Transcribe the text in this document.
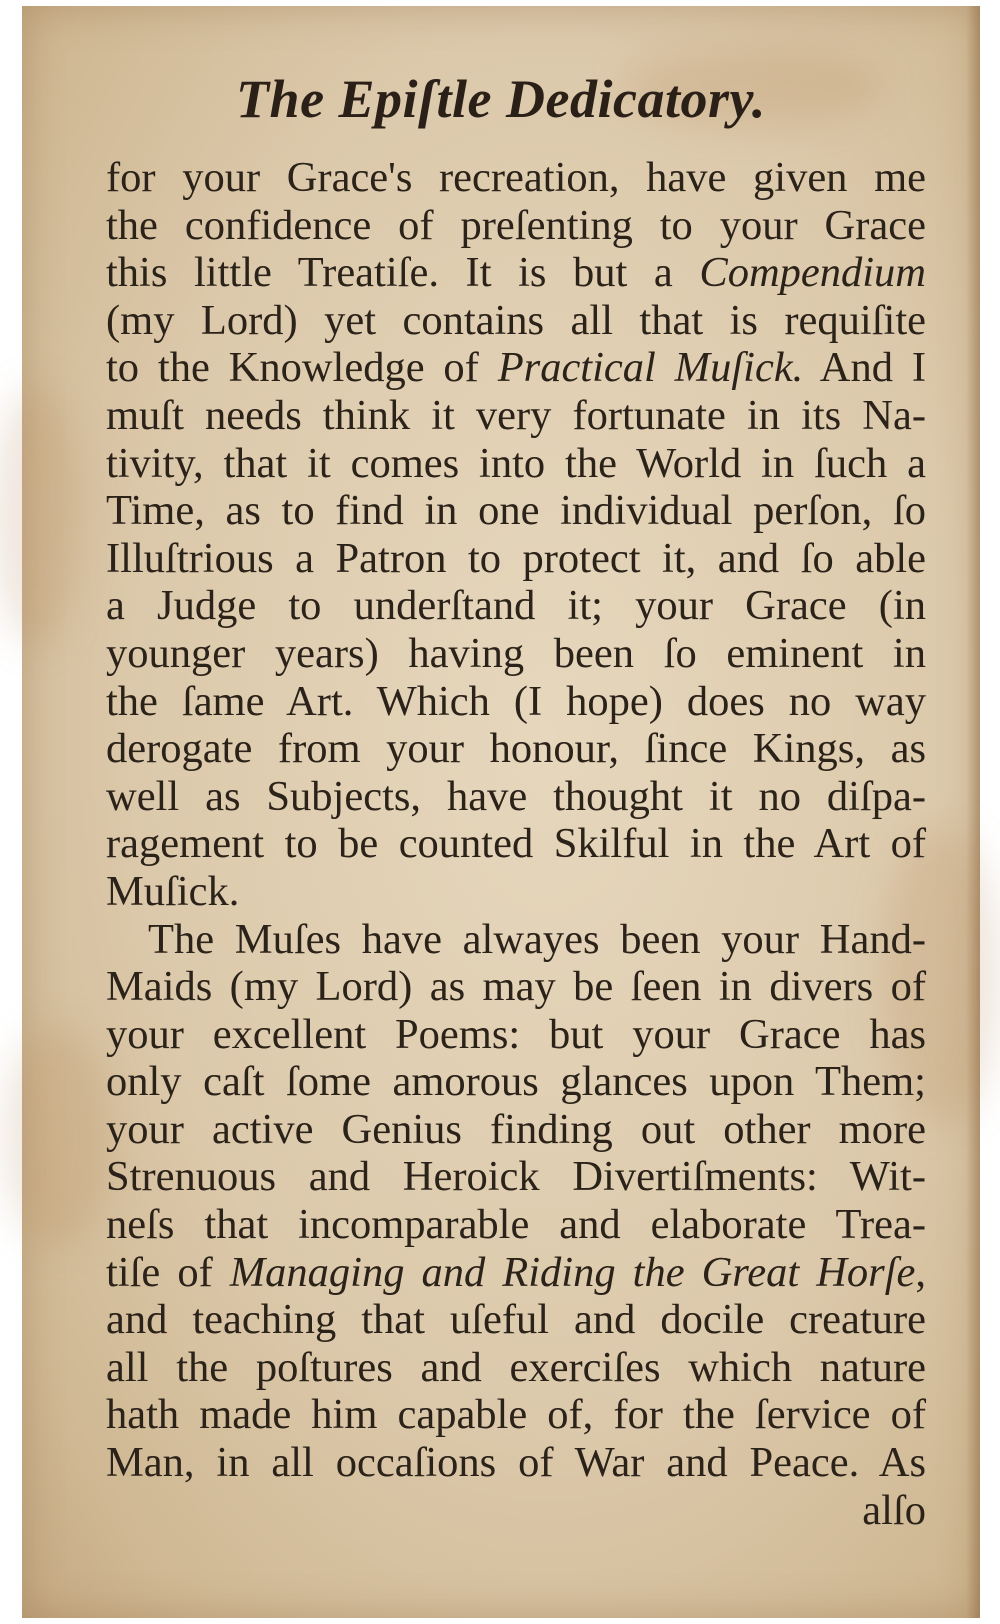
The Epiſtle Dedicatory.
for your Grace's recreation, have given me
the confidence of preſenting to your Grace
this little Treatiſe. It is but a Compendium
(my Lord) yet contains all that is requiſite
to the Knowledge of Practical Muſick. And I
muſt needs think it very fortunate in its Na-
tivity, that it comes into the World in ſuch a
Time, as to find in one individual perſon, ſo
Illuſtrious a Patron to protect it, and ſo able
a Judge to underſtand it; your Grace (in
younger years) having been ſo eminent in
the ſame Art. Which (I hope) does no way
derogate from your honour, ſince Kings, as
well as Subjects, have thought it no diſpa-
ragement to be counted Skilful in the Art of
Muſick.
The Muſes have alwayes been your Hand-
Maids (my Lord) as may be ſeen in divers of
your excellent Poems: but your Grace has
only caſt ſome amorous glances upon Them;
your active Genius finding out other more
Strenuous and Heroick Divertiſments: Wit-
neſs that incomparable and elaborate Trea-
tiſe of Managing and Riding the Great Horſe,
and teaching that uſeful and docile creature
all the poſtures and exerciſes which nature
hath made him capable of, for the ſervice of
Man, in all occaſions of War and Peace. As
alſo
